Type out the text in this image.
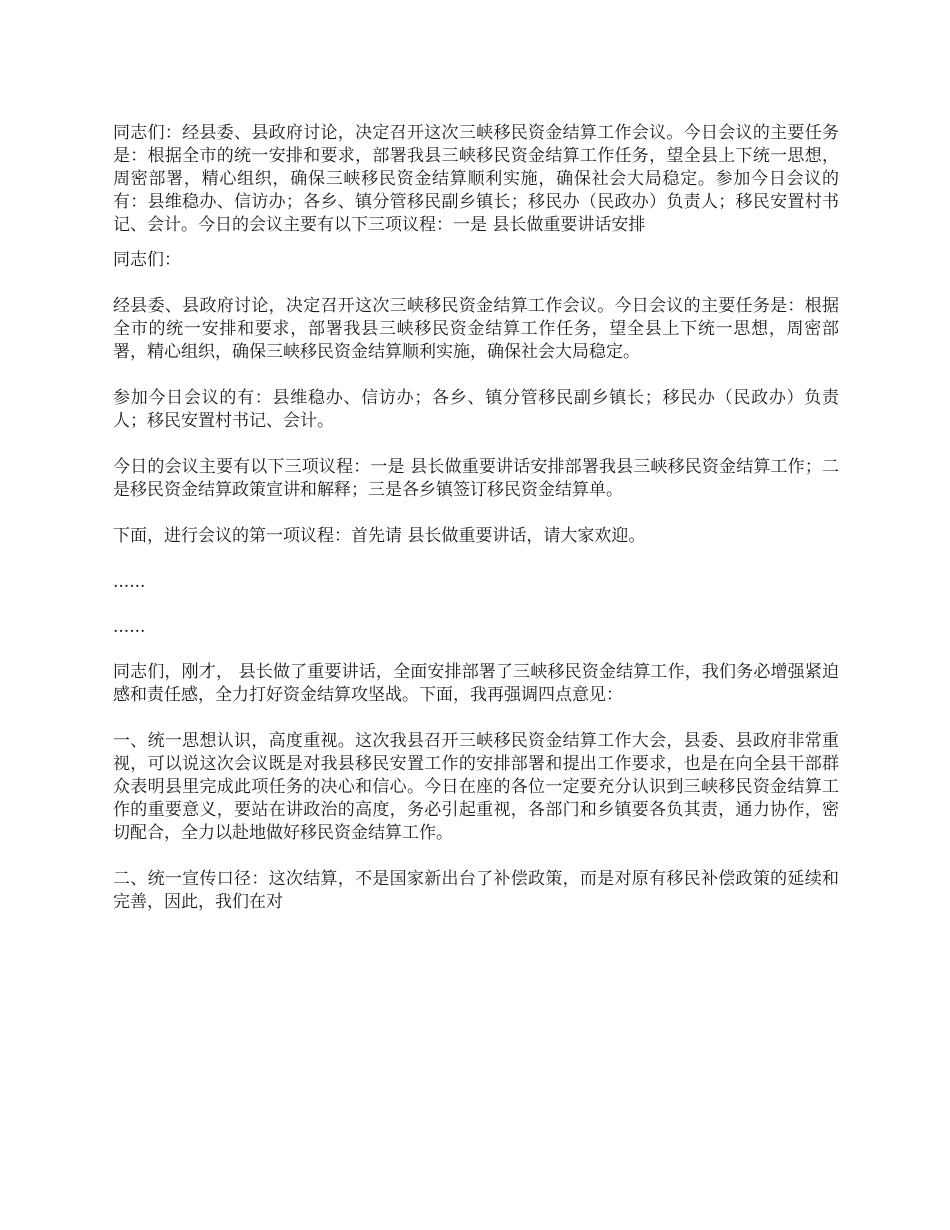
同志们：经县委、县政府讨论，决定召开这次三峡移民资金结算工作会议。今日会议的主要任务是：根据全市的统一安排和要求，部署我县三峡移民资金结算工作任务，望全县上下统一思想，周密部署，精心组织，确保三峡移民资金结算顺利实施，确保社会大局稳定。参加今日会议的有：县维稳办、信访办；各乡、镇分管移民副乡镇长；移民办（民政办）负责人；移民安置村书记、会计。今日的会议主要有以下三项议程：一是 县长做重要讲话安排

同志们：

经县委、县政府讨论，决定召开这次三峡移民资金结算工作会议。今日会议的主要任务是：根据全市的统一安排和要求，部署我县三峡移民资金结算工作任务，望全县上下统一思想，周密部署，精心组织，确保三峡移民资金结算顺利实施，确保社会大局稳定。

参加今日会议的有：县维稳办、信访办；各乡、镇分管移民副乡镇长；移民办（民政办）负责人；移民安置村书记、会计。

今日的会议主要有以下三项议程：一是 县长做重要讲话安排部署我县三峡移民资金结算工作；二是移民资金结算政策宣讲和解释；三是各乡镇签订移民资金结算单。

下面，进行会议的第一项议程：首先请 县长做重要讲话，请大家欢迎。

......

......

同志们，刚才， 县长做了重要讲话，全面安排部署了三峡移民资金结算工作，我们务必增强紧迫感和责任感，全力打好资金结算攻坚战。下面，我再强调四点意见：

一、统一思想认识，高度重视。这次我县召开三峡移民资金结算工作大会，县委、县政府非常重视，可以说这次会议既是对我县移民安置工作的安排部署和提出工作要求，也是在向全县干部群众表明县里完成此项任务的决心和信心。今日在座的各位一定要充分认识到三峡移民资金结算工作的重要意义，要站在讲政治的高度，务必引起重视，各部门和乡镇要各负其责，通力协作，密切配合，全力以赴地做好移民资金结算工作。

二、统一宣传口径：这次结算，不是国家新出台了补偿政策，而是对原有移民补偿政策的延续和完善，因此，我们在对
